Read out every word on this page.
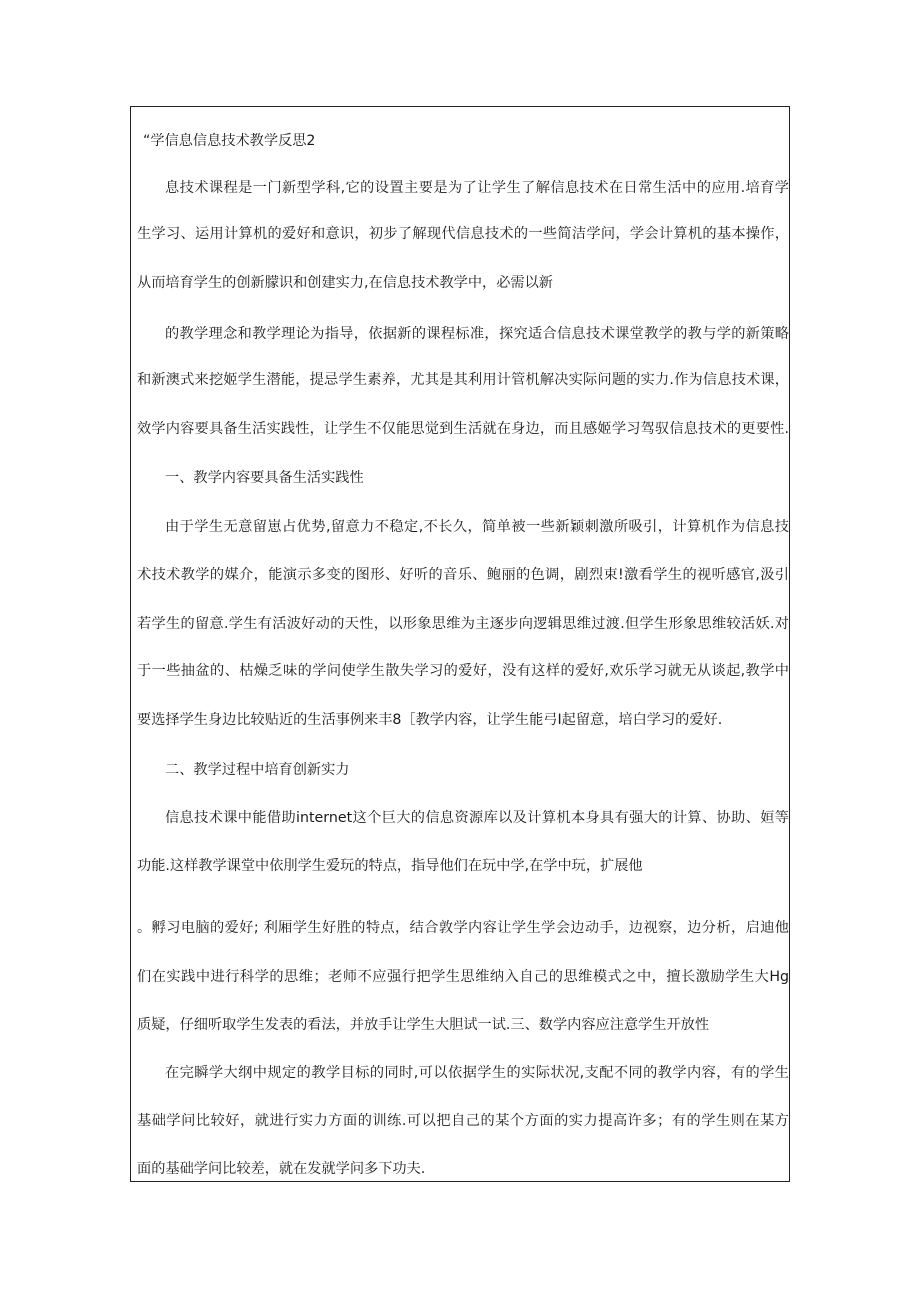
“学信息信息技术教学反思2
息技术课程是一门新型学科,它的设置主要是为了让学生了解信息技术在日常生活中的应用.培育学
生学习、运用计算机的爱好和意识，初步了解现代信息技术的一些简洁学问，学会计算机的基本操作，
从而培育学生的创新朦识和创建实力,在信息技术教学中，必需以新
的教学理念和教学理论为指导，依据新的课程标准，探究适合信息技术课堂教学的教与学的新策略
和新澳式来挖姬学生潜能，提忌学生素养，尤其是其利用计管机解决实际问题的实力.作为信息技术课，
效学内容要具备生活实践性，让学生不仅能思觉到生活就在身边，而且感姬学习驾驭信息技术的更要性.
一、教学内容要具备生活实践性
由于学生无意留崽占优势,留意力不稳定,不长久，简单被一些新颖刺激所吸引，计算机作为信息技
术技术教学的媒介，能演示多变的图形、好听的音乐、鲍丽的色调，剧烈束!激看学生的视听感官,汲引
若学生的留意.学生有活波好动的天性，以形象思维为主逐步向逻辑思维过渡.但学生形象思维较活妖.对
于一些抽盆的、枯燥乏味的学问使学生散失学习的爱好，没有这样的爱好,欢乐学习就无从谈起,教学中
要选择学生身边比较贴近的生活事例来丰8［教学内容，让学生能弓I起留意，培白学习的爱好.
二、教学过程中培育创新实力
信息技术课中能借助internet这个巨大的信息资源库以及计算机本身具有强大的计算、协助、姮等
功能.这样教学课堂中依刖学生爱玩的特点，指导他们在玩中学,在学中玩，扩展他
。孵习电脑的爱好; 利厢学生好胜的特点，结合敦学内容让学生学会边动手，边视察，边分析，启迪他
们在实践中进行科学的思维；老师不应强行把学生思维纳入自己的思维模式之中，擅长激励学生大Hg
质疑，仔细听取学生发表的看法，并放手让学生大胆试一试.三、数学内容应注意学生开放性
在完瞬学大纲中规定的教学目标的同时,可以依据学生的实际状况,支配不同的教学内容，有的学生
基础学问比较好，就进行实力方面的训练.可以把自己的某个方面的实力提高许多；有的学生则在某方
面的基础学问比较差，就在发就学问多下功夫.
